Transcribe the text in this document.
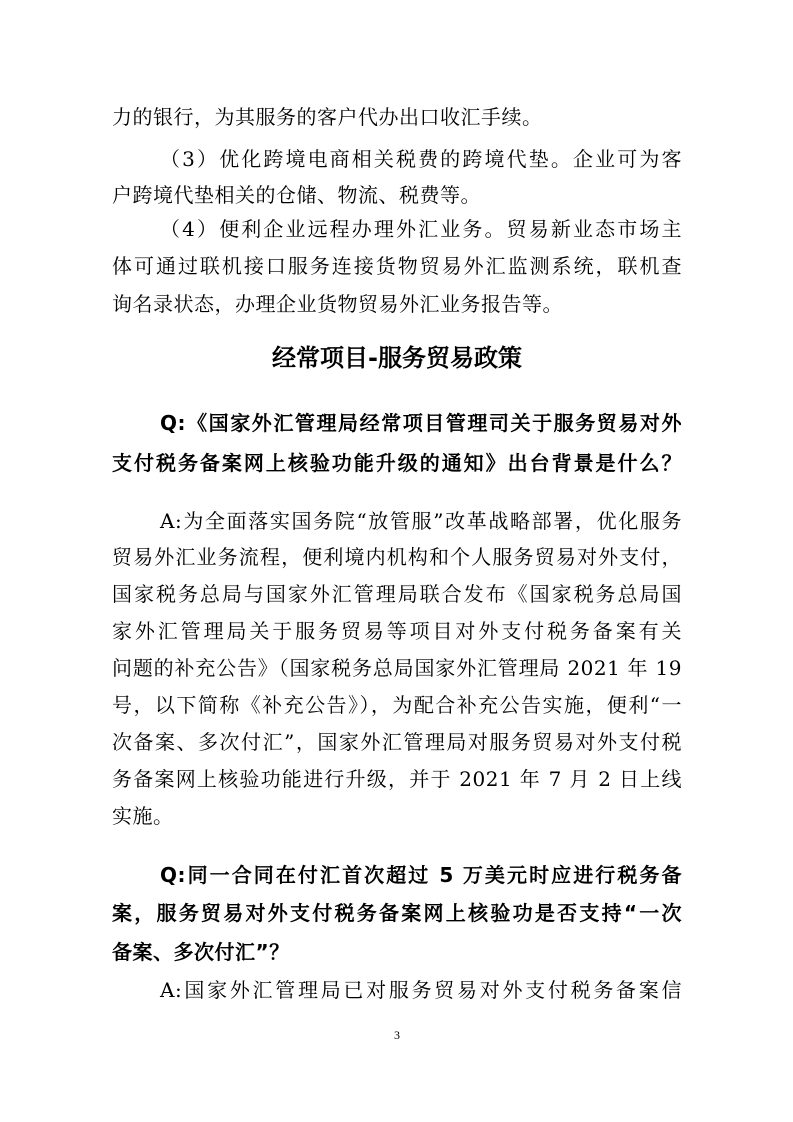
力的银行，为其服务的客户代办出口收汇手续。
（3）优化跨境电商相关税费的跨境代垫。企业可为客
户跨境代垫相关的仓储、物流、税费等。
（4）便利企业远程办理外汇业务。贸易新业态市场主
体可通过联机接口服务连接货物贸易外汇监测系统，联机查
询名录状态，办理企业货物贸易外汇业务报告等。
经常项目-服务贸易政策
Q:《国家外汇管理局经常项目管理司关于服务贸易对外
支付税务备案网上核验功能升级的通知》出台背景是什么？
A:为全面落实国务院“放管服”改革战略部署，优化服务
贸易外汇业务流程，便利境内机构和个人服务贸易对外支付，
国家税务总局与国家外汇管理局联合发布《国家税务总局国
家外汇管理局关于服务贸易等项目对外支付税务备案有关
问题的补充公告》（国家税务总局国家外汇管理局 2021 年 19
号，以下简称《补充公告》），为配合补充公告实施，便利“一
次备案、多次付汇”，国家外汇管理局对服务贸易对外支付税
务备案网上核验功能进行升级，并于 2021 年 7 月 2 日上线
实施。
Q:同一合同在付汇首次超过 5 万美元时应进行税务备
案，服务贸易对外支付税务备案网上核验功是否支持“一次
备案、多次付汇”？
A:国家外汇管理局已对服务贸易对外支付税务备案信
3
